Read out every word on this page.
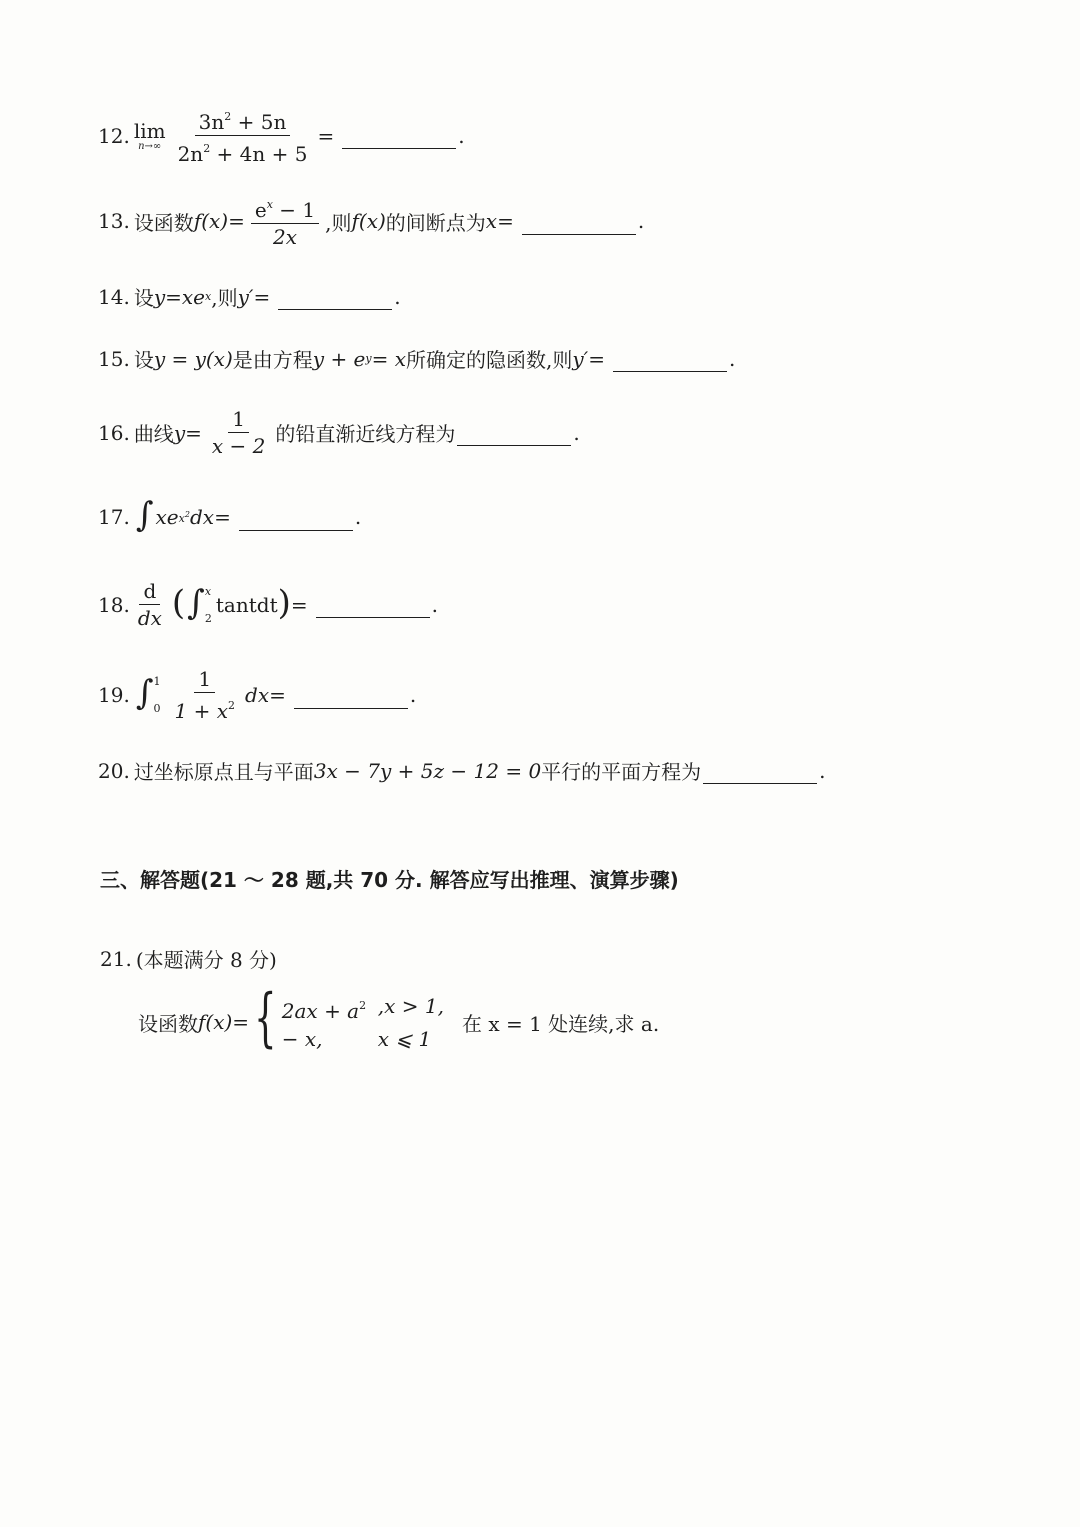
12. lim
$n\to\infty \frac{3n^2 + 5n}{2n^2 + 4n + 5}$ =	.
13. 设函数 $f(x) = \frac{e^x - 1}{2x}$ ,则 f(x) 的间断点为 x =	.
14. 设 y = xe x ,则 y′ =	.
15. 设 y = y(x) 是由方程 y + e y = x 所确定的隐函数,则 y′ =	.
16. 曲线 $y = \frac{1}{x - 2}$ 的铅直渐近线方程为	.
17. ∫ xe $x^2$ dx =	.
18. $\frac{d}{dx}$ ( ∫ x
2
tantdt ) =	.
19. ∫ 1
$0 \frac{1}{1 + x^2}$ dx =	.
20. 过坐标原点且与平面 3x − 7y + 5z − 12 = 0 平行的平面方程为	.
三、解答题(21 ～ 28 题,共 70 分. 解答应写出推理、演算步骤)
21. (本题满分 8 分)
设函数 f(x) = { $2ax + a^2$ ,x > 1,
− x,	x ⩽ 1
在 x = 1 处连续,求 a.
